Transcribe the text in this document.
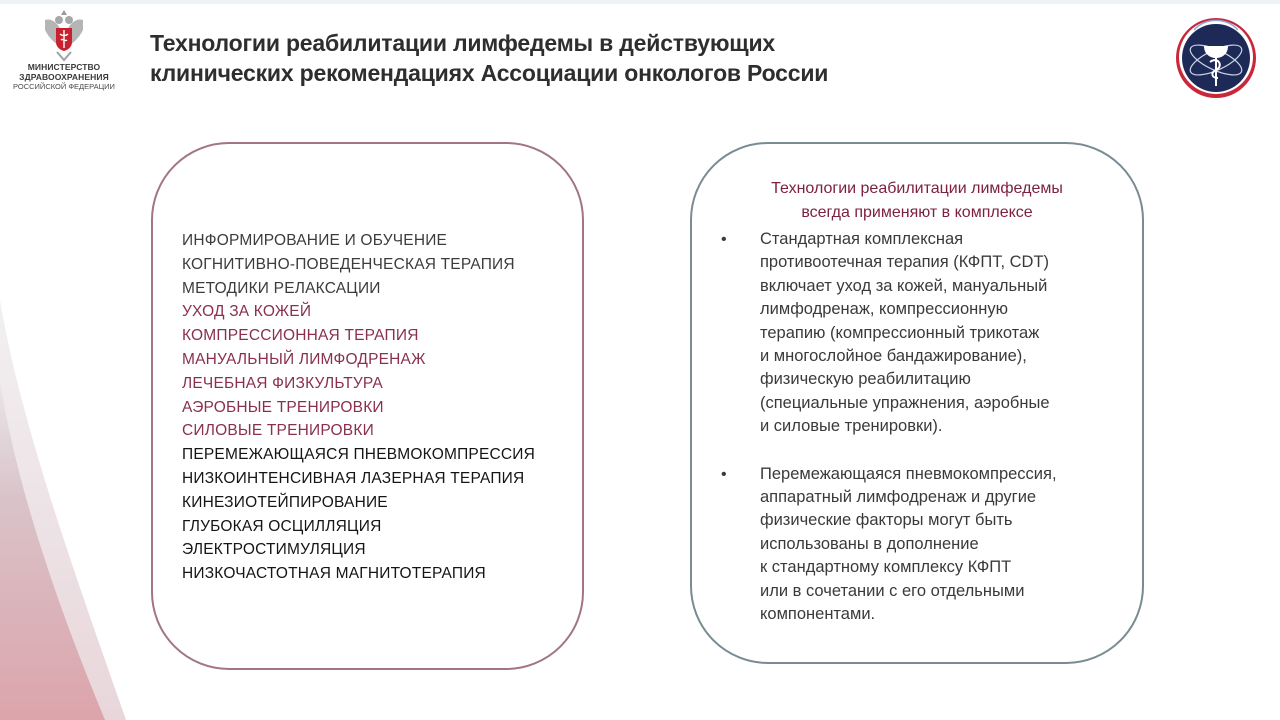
МИНИСТЕРСТВО
ЗДРАВООХРАНЕНИЯ
РОССИЙСКОЙ ФЕДЕРАЦИИ
Технологии реабилитации лимфедемы в действующих
клинических рекомендациях Ассоциации онкологов России
ИНФОРМИРОВАНИЕ И ОБУЧЕНИЕ
КОГНИТИВНО-ПОВЕДЕНЧЕСКАЯ ТЕРАПИЯ
МЕТОДИКИ РЕЛАКСАЦИИ
УХОД ЗА КОЖЕЙ
КОМПРЕССИОННАЯ ТЕРАПИЯ
МАНУАЛЬНЫЙ ЛИМФОДРЕНАЖ
ЛЕЧЕБНАЯ ФИЗКУЛЬТУРА
АЭРОБНЫЕ ТРЕНИРОВКИ
СИЛОВЫЕ ТРЕНИРОВКИ
ПЕРЕМЕЖАЮЩАЯСЯ ПНЕВМОКОМПРЕССИЯ
НИЗКОИНТЕНСИВНАЯ ЛАЗЕРНАЯ ТЕРАПИЯ
КИНЕЗИОТЕЙПИРОВАНИЕ
ГЛУБОКАЯ ОСЦИЛЛЯЦИЯ
ЭЛЕКТРОСТИМУЛЯЦИЯ
НИЗКОЧАСТОТНАЯ МАГНИТОТЕРАПИЯ
Технологии реабилитации лимфедемы
всегда применяют в комплексе
• Стандартная комплексная
противоотечная терапия (КФПТ, CDT)
включает уход за кожей, мануальный
лимфодренаж, компрессионную
терапию (компрессионный трикотаж
и многослойное бандажирование),
физическую реабилитацию
(специальные упражнения, аэробные
и силовые тренировки).
• Перемежающаяся пневмокомпрессия,
аппаратный лимфодренаж и другие
физические факторы могут быть
использованы в дополнение
к стандартному комплексу КФПТ
или в сочетании с его отдельными
компонентами.
